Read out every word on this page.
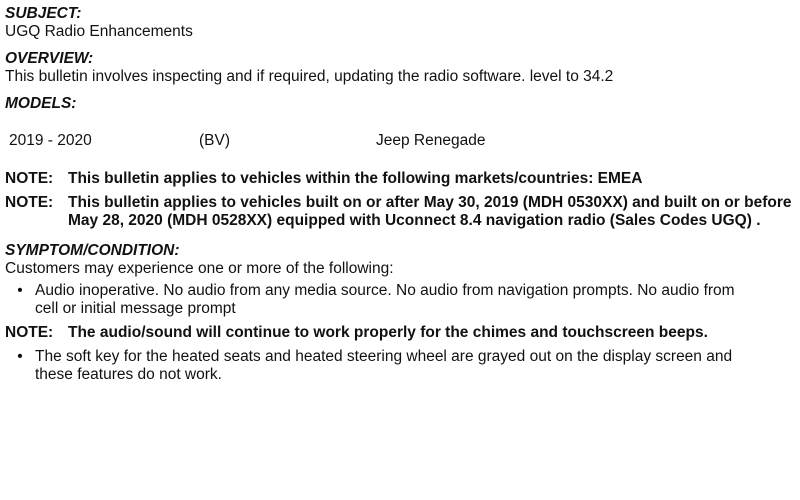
SUBJECT:
UGQ Radio Enhancements
OVERVIEW:
This bulletin involves inspecting and if required, updating the radio software. level to 34.2
MODELS:
2019 - 2020	(BV)	Jeep Renegade
NOTE: This bulletin applies to vehicles within the following markets/countries: EMEA
NOTE: This bulletin applies to vehicles built on or after May 30, 2019 (MDH 0530XX) and built on or before May 28, 2020 (MDH 0528XX) equipped with Uconnect 8.4 navigation radio (Sales Codes UGQ) .
SYMPTOM/CONDITION:
Customers may experience one or more of the following:
• Audio inoperative. No audio from any media source. No audio from navigation prompts. No audio from cell or initial message prompt
NOTE: The audio/sound will continue to work properly for the chimes and touchscreen beeps.
• The soft key for the heated seats and heated steering wheel are grayed out on the display screen and these features do not work.
